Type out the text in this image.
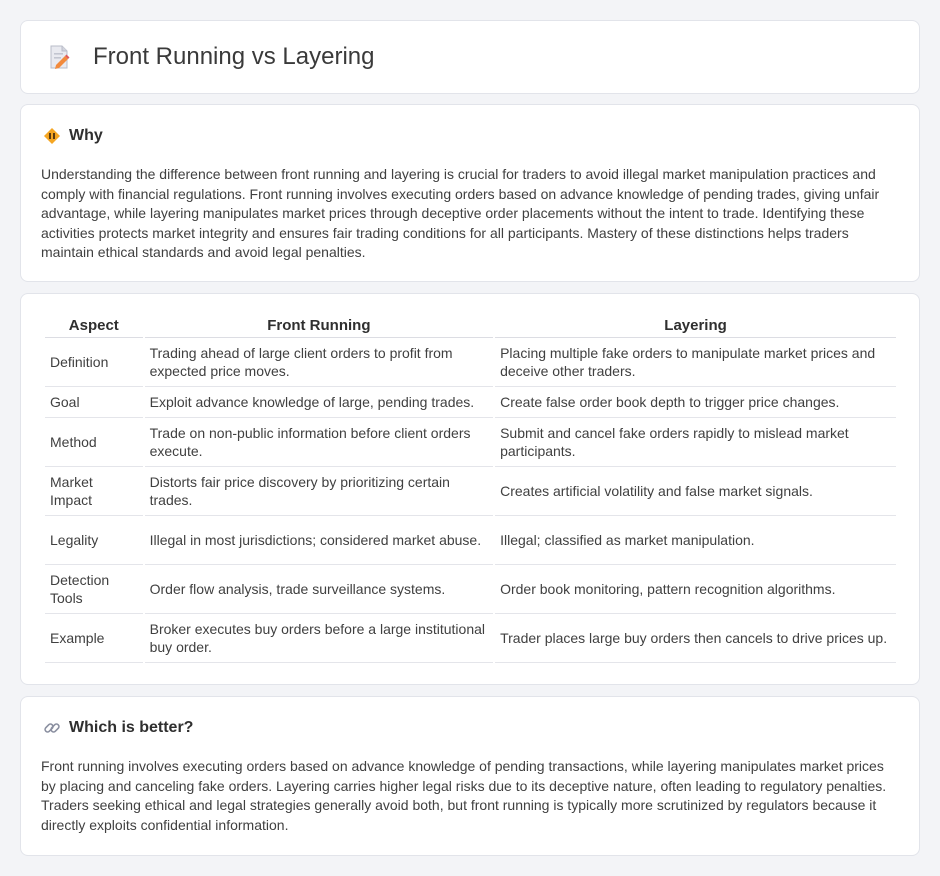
Front Running vs Layering
Why

Understanding the difference between front running and layering is crucial for traders to avoid illegal market manipulation practices and comply with financial regulations. Front running involves executing orders based on advance knowledge of pending trades, giving unfair advantage, while layering manipulates market prices through deceptive order placements without the intent to trade. Identifying these activities protects market integrity and ensures fair trading conditions for all participants. Mastery of these distinctions helps traders maintain ethical standards and avoid legal penalties.

Aspect	Front Running	Layering
Definition	Trading ahead of large client orders to profit from expected price moves.	Placing multiple fake orders to manipulate market prices and deceive other traders.
Goal	Exploit advance knowledge of large, pending trades.	Create false order book depth to trigger price changes.
Method	Trade on non-public information before client orders execute.	Submit and cancel fake orders rapidly to mislead market participants.
Market Impact	Distorts fair price discovery by prioritizing certain trades.	Creates artificial volatility and false market signals.
Legality	Illegal in most jurisdictions; considered market abuse.	Illegal; classified as market manipulation.
Detection Tools	Order flow analysis, trade surveillance systems.	Order book monitoring, pattern recognition algorithms.
Example	Broker executes buy orders before a large institutional buy order.	Trader places large buy orders then cancels to drive prices up.
Which is better?

Front running involves executing orders based on advance knowledge of pending transactions, while layering manipulates market prices by placing and canceling fake orders. Layering carries higher legal risks due to its deceptive nature, often leading to regulatory penalties. Traders seeking ethical and legal strategies generally avoid both, but front running is typically more scrutinized by regulators because it directly exploits confidential information.
